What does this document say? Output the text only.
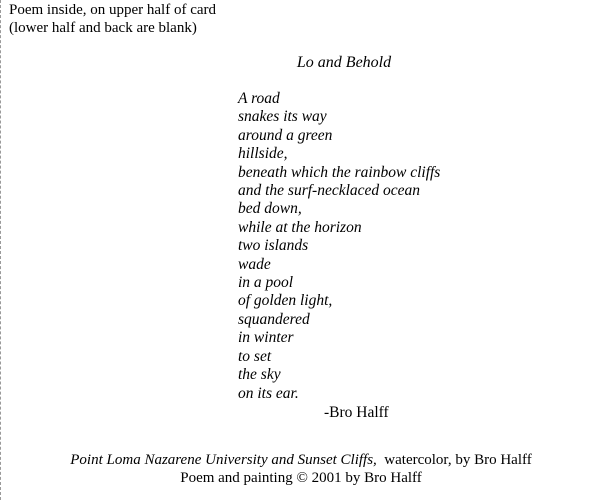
Poem inside, on upper half of card
(lower half and back are blank)
Lo and Behold
A road
snakes its way
around a green
hillside,
beneath which the rainbow cliffs
and the surf-necklaced ocean
bed down,
while at the horizon
two islands
wade
in a pool
of golden light,
squandered
in winter
to set
the sky
on its ear.
-Bro Halff
Point Loma Nazarene University and Sunset Cliffs,  watercolor, by Bro Halff
Poem and painting © 2001 by Bro Halff
